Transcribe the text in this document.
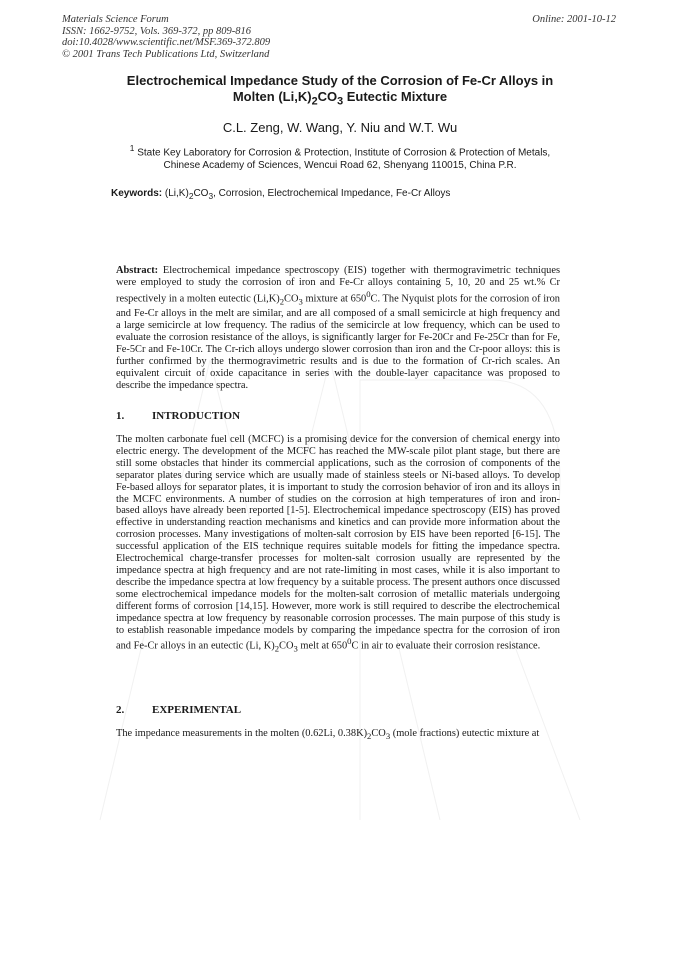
Materials Science Forum
ISSN: 1662-9752, Vols. 369-372, pp 809-816
doi:10.4028/www.scientific.net/MSF.369-372.809
© 2001 Trans Tech Publications Ltd, Switzerland
Online: 2001-10-12
Electrochemical Impedance Study of the Corrosion of Fe-Cr Alloys in
Molten $(Li,K)_2CO_3$ Eutectic Mixture
C.L. Zeng, W. Wang, Y. Niu and W.T. Wu
$^1$ State Key Laboratory for Corrosion & Protection, Institute of Corrosion & Protection of Metals,
Chinese Academy of Sciences, Wencui Road 62, Shenyang 110015, China P.R.
Keywords: $(Li,K)_2CO_3$, Corrosion, Electrochemical Impedance, Fe-Cr Alloys
Abstract: Electrochemical impedance spectroscopy (EIS) together with thermogravimetric techniques were employed to study the corrosion of iron and Fe-Cr alloys containing 5, 10, 20 and 25 wt.% Cr respectively in a molten eutectic $(Li,K)_2CO_3$ mixture at $650^0C$. The Nyquist plots for the corrosion of iron and Fe-Cr alloys in the melt are similar, and are all composed of a small semicircle at high frequency and a large semicircle at low frequency. The radius of the semicircle at low frequency, which can be used to evaluate the corrosion resistance of the alloys, is significantly larger for Fe-20Cr and Fe-25Cr than for Fe, Fe-5Cr and Fe-10Cr. The Cr-rich alloys undergo slower corrosion than iron and the Cr-poor alloys: this is further confirmed by the thermogravimetric results and is due to the formation of Cr-rich scales. An equivalent circuit of oxide capacitance in series with the double-layer capacitance was proposed to describe the impedance spectra.
1.	INTRODUCTION
The molten carbonate fuel cell (MCFC) is a promising device for the conversion of chemical energy into electric energy. The development of the MCFC has reached the MW-scale pilot plant stage, but there are still some obstacles that hinder its commercial applications, such as the corrosion of components of the separator plates during service which are usually made of stainless steels or Ni-based alloys. To develop Fe-based alloys for separator plates, it is important to study the corrosion behavior of iron and its alloys in the MCFC environments. A number of studies on the corrosion at high temperatures of iron and iron-based alloys have already been reported [1-5]. Electrochemical impedance spectroscopy (EIS) has proved effective in understanding reaction mechanisms and kinetics and can provide more information about the corrosion processes. Many investigations of molten-salt corrosion by EIS have been reported [6-15]. The successful application of the EIS technique requires suitable models for fitting the impedance spectra. Electrochemical charge-transfer processes for molten-salt corrosion usually are represented by the impedance spectra at high frequency and are not rate-limiting in most cases, while it is also important to describe the impedance spectra at low frequency by a suitable process. The present authors once discussed some electrochemical impedance models for the molten-salt corrosion of metallic materials undergoing different forms of corrosion [14,15]. However, more work is still required to describe the electrochemical impedance spectra at low frequency by reasonable corrosion processes. The main purpose of this study is to establish reasonable impedance models by comparing the impedance spectra for the corrosion of iron and Fe-Cr alloys in an eutectic (Li, $K)_2CO_3$ melt at $650^0C$ in air to evaluate their corrosion resistance.
2.	EXPERIMENTAL
The impedance measurements in the molten (0.62Li, $0.38K)_2CO_3$ (mole fractions) eutectic mixture at
